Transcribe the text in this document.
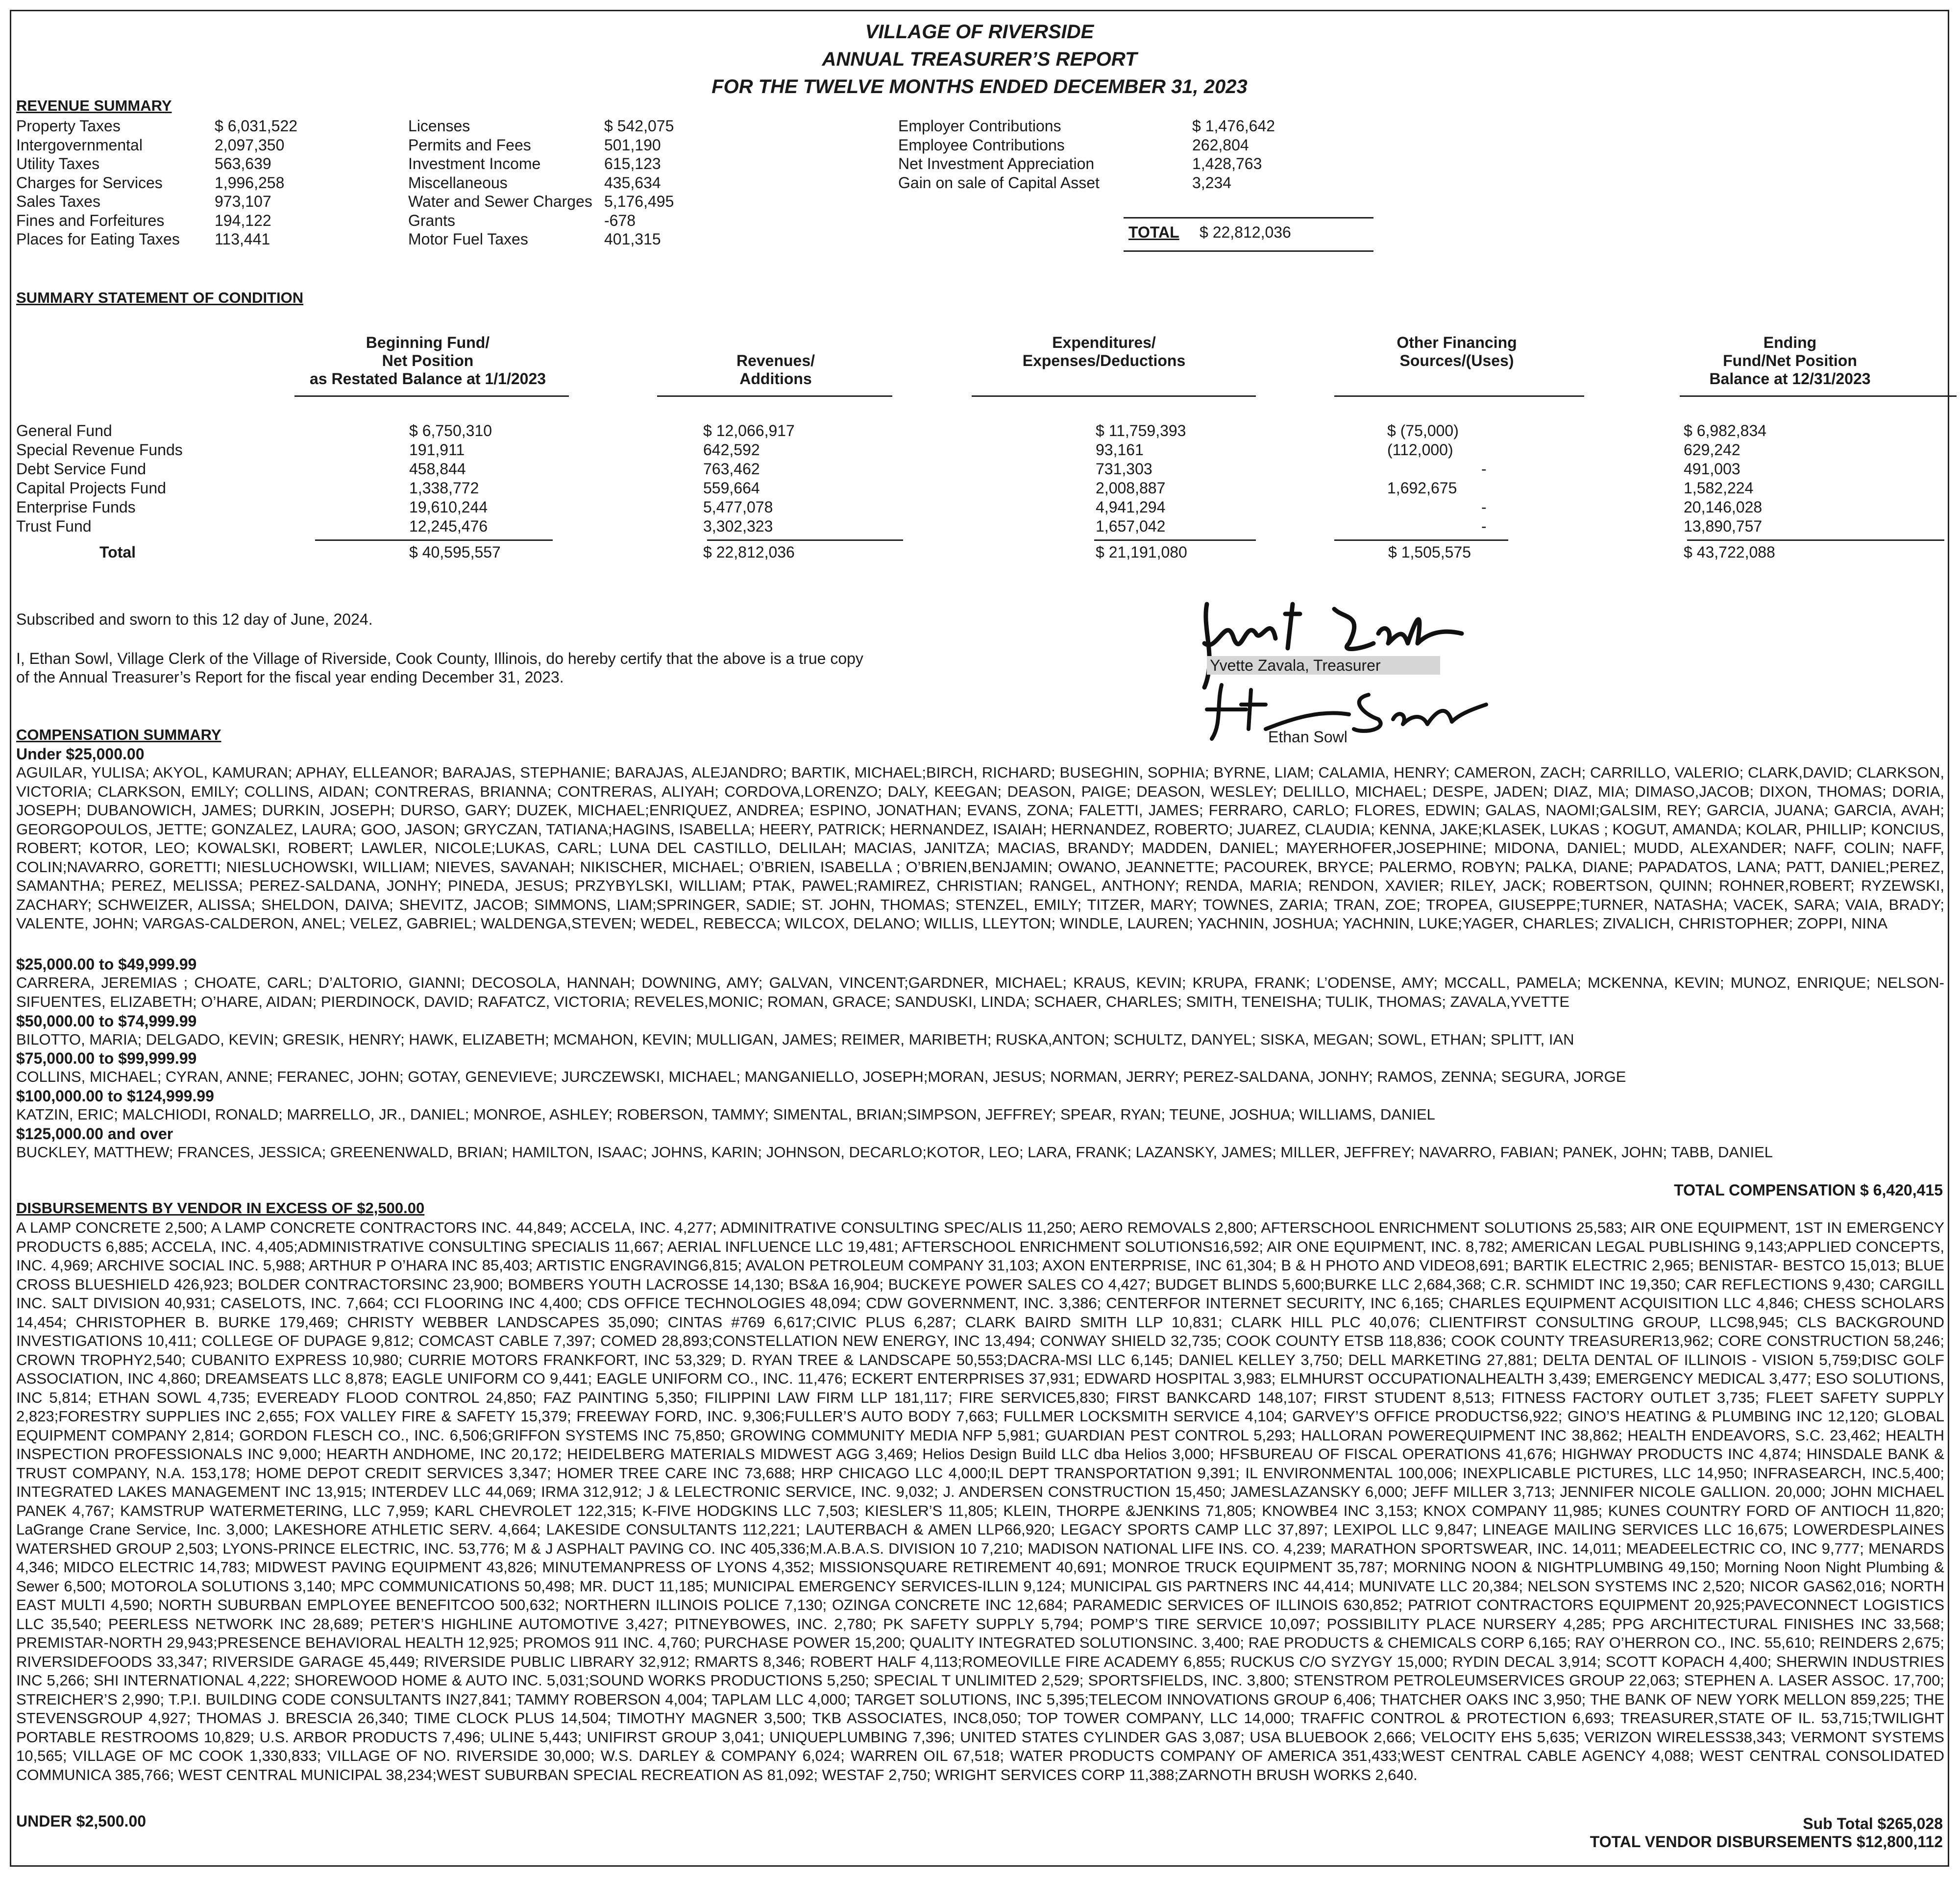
VILLAGE OF RIVERSIDE
ANNUAL TREASURER’S REPORT
FOR THE TWELVE MONTHS ENDED DECEMBER 31, 2023
REVENUE SUMMARY
Property Taxes	$ 6,031,522
Intergovernmental	2,097,350
Utility Taxes	563,639
Charges for Services	1,996,258
Sales Taxes	973,107
Fines and Forfeitures	194,122
Places for Eating Taxes 113,441
Licenses	$ 542,075
Permits and Fees	501,190
Investment Income	615,123
Miscellaneous	435,634
Water and Sewer Charges 5,176,495
Grants	-678
Motor Fuel Taxes	401,315
Employer Contributions	$ 1,476,642
Employee Contributions	262,804
Net Investment Appreciation	1,428,763
Gain on sale of Capital Asset	3,234
TOTAL $ 22,812,036
SUMMARY STATEMENT OF CONDITION
Beginning Fund/
Net Position
as Restated Balance at 1/1/2023
Revenues/
Additions
Expenditures/
Expenses/Deductions
Other Financing
Sources/(Uses)
Ending
Fund/Net Position
Balance at 12/31/2023
General Fund	$ 6,750,310	$ 12,066,917	$ 11,759,393	$ (75,000)	$ 6,982,834
Special Revenue Funds	191,911	642,592	93,161	(112,000)	629,242
Debt Service Fund	458,844	763,462	731,303	-	491,003
Capital Projects Fund	1,338,772	559,664	2,008,887	1,692,675	1,582,224
Enterprise Funds	19,610,244	5,477,078	4,941,294	-	20,146,028
Trust Fund	12,245,476	3,302,323	1,657,042	-	13,890,757
Total	$ 40,595,557	$ 22,812,036	$ 21,191,080	$ 1,505,575	$ 43,722,088
Subscribed and sworn to this 12 day of June, 2024.
I, Ethan Sowl, Village Clerk of the Village of Riverside, Cook County, Illinois, do hereby certify that the above is a true copy
of the Annual Treasurer’s Report for the fiscal year ending December 31, 2023.
Yvette Zavala, Treasurer
Ethan Sowl
COMPENSATION SUMMARY
Under $25,000.00
AGUILAR, YULISA; AKYOL, KAMURAN; APHAY, ELLEANOR; BARAJAS, STEPHANIE; BARAJAS, ALEJANDRO; BARTIK, MICHAEL;BIRCH, RICHARD; BUSEGHIN, SOPHIA; BYRNE, LIAM; CALAMIA, HENRY; CAMERON, ZACH; CARRILLO, VALERIO; CLARK,DAVID; CLARKSON, VICTORIA; CLARKSON, EMILY; COLLINS, AIDAN; CONTRERAS, BRIANNA; CONTRERAS, ALIYAH; CORDOVA,LORENZO; DALY, KEEGAN; DEASON, PAIGE; DEASON, WESLEY; DELILLO, MICHAEL; DESPE, JADEN; DIAZ, MIA; DIMASO,JACOB; DIXON, THOMAS; DORIA, JOSEPH; DUBANOWICH, JAMES; DURKIN, JOSEPH; DURSO, GARY; DUZEK, MICHAEL;ENRIQUEZ, ANDREA; ESPINO, JONATHAN; EVANS, ZONA; FALETTI, JAMES; FERRARO, CARLO; FLORES, EDWIN; GALAS, NAOMI;GALSIM, REY; GARCIA, JUANA; GARCIA, AVAH; GEORGOPOULOS, JETTE; GONZALEZ, LAURA; GOO, JASON; GRYCZAN, TATIANA;HAGINS, ISABELLA; HEERY, PATRICK; HERNANDEZ, ISAIAH; HERNANDEZ, ROBERTO; JUAREZ, CLAUDIA; KENNA, JAKE;KLASEK, LUKAS ; KOGUT, AMANDA; KOLAR, PHILLIP; KONCIUS, ROBERT; KOTOR, LEO; KOWALSKI, ROBERT; LAWLER, NICOLE;LUKAS, CARL; LUNA DEL CASTILLO, DELILAH; MACIAS, JANITZA; MACIAS, BRANDY; MADDEN, DANIEL; MAYERHOFER,JOSEPHINE; MIDONA, DANIEL; MUDD, ALEXANDER; NAFF, COLIN; NAFF, COLIN;NAVARRO, GORETTI; NIESLUCHOWSKI, WILLIAM; NIEVES, SAVANAH; NIKISCHER, MICHAEL; O’BRIEN, ISABELLA ; O’BRIEN,BENJAMIN; OWANO, JEANNETTE; PACOUREK, BRYCE; PALERMO, ROBYN; PALKA, DIANE; PAPADATOS, LANA; PATT, DANIEL;PEREZ, SAMANTHA; PEREZ, MELISSA; PEREZ-SALDANA, JONHY; PINEDA, JESUS; PRZYBYLSKI, WILLIAM; PTAK, PAWEL;RAMIREZ, CHRISTIAN; RANGEL, ANTHONY; RENDA, MARIA; RENDON, XAVIER; RILEY, JACK; ROBERTSON, QUINN; ROHNER,ROBERT; RYZEWSKI, ZACHARY; SCHWEIZER, ALISSA; SHELDON, DAIVA; SHEVITZ, JACOB; SIMMONS, LIAM;SPRINGER, SADIE; ST. JOHN, THOMAS; STENZEL, EMILY; TITZER, MARY; TOWNES, ZARIA; TRAN, ZOE; TROPEA, GIUSEPPE;TURNER, NATASHA; VACEK, SARA; VAIA, BRADY; VALENTE, JOHN; VARGAS-CALDERON, ANEL; VELEZ, GABRIEL; WALDENGA,STEVEN; WEDEL, REBECCA; WILCOX, DELANO; WILLIS, LLEYTON; WINDLE, LAUREN; YACHNIN, JOSHUA; YACHNIN, LUKE;YAGER, CHARLES; ZIVALICH, CHRISTOPHER; ZOPPI, NINA
$25,000.00 to $49,999.99
CARRERA, JEREMIAS ; CHOATE, CARL; D’ALTORIO, GIANNI; DECOSOLA, HANNAH; DOWNING, AMY; GALVAN, VINCENT;GARDNER, MICHAEL; KRAUS, KEVIN; KRUPA, FRANK; L’ODENSE, AMY; MCCALL, PAMELA; MCKENNA, KEVIN; MUNOZ, ENRIQUE; NELSON-SIFUENTES, ELIZABETH; O’HARE, AIDAN; PIERDINOCK, DAVID; RAFATCZ, VICTORIA; REVELES,MONIC; ROMAN, GRACE; SANDUSKI, LINDA; SCHAER, CHARLES; SMITH, TENEISHA; TULIK, THOMAS; ZAVALA,YVETTE
$50,000.00 to $74,999.99
BILOTTO, MARIA; DELGADO, KEVIN; GRESIK, HENRY; HAWK, ELIZABETH; MCMAHON, KEVIN; MULLIGAN, JAMES; REIMER, MARIBETH; RUSKA,ANTON; SCHULTZ, DANYEL; SISKA, MEGAN; SOWL, ETHAN; SPLITT, IAN
$75,000.00 to $99,999.99
COLLINS, MICHAEL; CYRAN, ANNE; FERANEC, JOHN; GOTAY, GENEVIEVE; JURCZEWSKI, MICHAEL; MANGANIELLO, JOSEPH;MORAN, JESUS; NORMAN, JERRY; PEREZ-SALDANA, JONHY; RAMOS, ZENNA; SEGURA, JORGE
$100,000.00 to $124,999.99
KATZIN, ERIC; MALCHIODI, RONALD; MARRELLO, JR., DANIEL; MONROE, ASHLEY; ROBERSON, TAMMY; SIMENTAL, BRIAN;SIMPSON, JEFFREY; SPEAR, RYAN; TEUNE, JOSHUA; WILLIAMS, DANIEL
$125,000.00 and over
BUCKLEY, MATTHEW; FRANCES, JESSICA; GREENENWALD, BRIAN; HAMILTON, ISAAC; JOHNS, KARIN; JOHNSON, DECARLO;KOTOR, LEO; LARA, FRANK; LAZANSKY, JAMES; MILLER, JEFFREY; NAVARRO, FABIAN; PANEK, JOHN; TABB, DANIEL
TOTAL COMPENSATION $ 6,420,415
DISBURSEMENTS BY VENDOR IN EXCESS OF $2,500.00
A LAMP CONCRETE 2,500; A LAMP CONCRETE CONTRACTORS INC. 44,849; ACCELA, INC. 4,277; ADMINITRATIVE CONSULTING SPEC/ALIS 11,250; AERO REMOVALS 2,800; AFTERSCHOOL ENRICHMENT SOLUTIONS 25,583; AIR ONE EQUIPMENT, 1ST IN EMERGENCY PRODUCTS 6,885; ACCELA, INC. 4,405;ADMINISTRATIVE CONSULTING SPECIALIS 11,667; AERIAL INFLUENCE LLC 19,481; AFTERSCHOOL ENRICHMENT SOLUTIONS16,592; AIR ONE EQUIPMENT, INC. 8,782; AMERICAN LEGAL PUBLISHING 9,143;APPLIED CONCEPTS, INC. 4,969; ARCHIVE SOCIAL INC. 5,988; ARTHUR P O’HARA INC 85,403; ARTISTIC ENGRAVING6,815; AVALON PETROLEUM COMPANY 31,103; AXON ENTERPRISE, INC 61,304; B & H PHOTO AND VIDEO8,691; BARTIK ELECTRIC 2,965; BENISTAR- BESTCO 15,013; BLUE CROSS BLUESHIELD 426,923; BOLDER CONTRACTORSINC 23,900; BOMBERS YOUTH LACROSSE 14,130; BS&A 16,904; BUCKEYE POWER SALES CO 4,427; BUDGET BLINDS 5,600;BURKE LLC 2,684,368; C.R. SCHMIDT INC 19,350; CAR REFLECTIONS 9,430; CARGILL INC. SALT DIVISION 40,931; CASELOTS, INC. 7,664; CCI FLOORING INC 4,400; CDS OFFICE TECHNOLOGIES 48,094; CDW GOVERNMENT, INC. 3,386; CENTERFOR INTERNET SECURITY, INC 6,165; CHARLES EQUIPMENT ACQUISITION LLC 4,846; CHESS SCHOLARS 14,454; CHRISTOPHER B. BURKE 179,469; CHRISTY WEBBER LANDSCAPES 35,090; CINTAS #769 6,617;CIVIC PLUS 6,287; CLARK BAIRD SMITH LLP 10,831; CLARK HILL PLC 40,076; CLIENTFIRST CONSULTING GROUP, LLC98,945; CLS BACKGROUND INVESTIGATIONS 10,411; COLLEGE OF DUPAGE 9,812; COMCAST CABLE 7,397; COMED 28,893;CONSTELLATION NEW ENERGY, INC 13,494; CONWAY SHIELD 32,735; COOK COUNTY ETSB 118,836; COOK COUNTY TREASURER13,962; CORE CONSTRUCTION 58,246; CROWN TROPHY2,540; CUBANITO EXPRESS 10,980; CURRIE MOTORS FRANKFORT, INC 53,329; D. RYAN TREE & LANDSCAPE 50,553;DACRA-MSI LLC 6,145; DANIEL KELLEY 3,750; DELL MARKETING 27,881; DELTA DENTAL OF ILLINOIS - VISION 5,759;DISC GOLF ASSOCIATION, INC 4,860; DREAMSEATS LLC 8,878; EAGLE UNIFORM CO 9,441; EAGLE UNIFORM CO., INC. 11,476; ECKERT ENTERPRISES 37,931; EDWARD HOSPITAL 3,983; ELMHURST OCCUPATIONALHEALTH 3,439; EMERGENCY MEDICAL 3,477; ESO SOLUTIONS, INC 5,814; ETHAN SOWL 4,735; EVEREADY FLOOD CONTROL 24,850; FAZ PAINTING 5,350; FILIPPINI LAW FIRM LLP 181,117; FIRE SERVICE5,830; FIRST BANKCARD 148,107; FIRST STUDENT 8,513; FITNESS FACTORY OUTLET 3,735; FLEET SAFETY SUPPLY 2,823;FORESTRY SUPPLIES INC 2,655; FOX VALLEY FIRE & SAFETY 15,379; FREEWAY FORD, INC. 9,306;FULLER’S AUTO BODY 7,663; FULLMER LOCKSMITH SERVICE 4,104; GARVEY’S OFFICE PRODUCTS6,922; GINO’S HEATING & PLUMBING INC 12,120; GLOBAL EQUIPMENT COMPANY 2,814; GORDON FLESCH CO., INC. 6,506;GRIFFON SYSTEMS INC 75,850; GROWING COMMUNITY MEDIA NFP 5,981; GUARDIAN PEST CONTROL 5,293; HALLORAN POWEREQUIPMENT INC 38,862; HEALTH ENDEAVORS, S.C. 23,462; HEALTH INSPECTION PROFESSIONALS INC 9,000; HEARTH ANDHOME, INC 20,172; HEIDELBERG MATERIALS MIDWEST AGG 3,469; Helios Design Build LLC dba Helios 3,000; HFSBUREAU OF FISCAL OPERATIONS 41,676; HIGHWAY PRODUCTS INC 4,874; HINSDALE BANK & TRUST COMPANY, N.A. 153,178; HOME DEPOT CREDIT SERVICES 3,347; HOMER TREE CARE INC 73,688; HRP CHICAGO LLC 4,000;IL DEPT TRANSPORTATION 9,391; IL ENVIRONMENTAL 100,006; INEXPLICABLE PICTURES, LLC 14,950; INFRASEARCH, INC.5,400; INTEGRATED LAKES MANAGEMENT INC 13,915; INTERDEV LLC 44,069; IRMA 312,912; J & LELECTRONIC SERVICE, INC. 9,032; J. ANDERSEN CONSTRUCTION 15,450; JAMESLAZANSKY 6,000; JEFF MILLER 3,713; JENNIFER NICOLE GALLION. 20,000; JOHN MICHAEL PANEK 4,767; KAMSTRUP WATERMETERING, LLC 7,959; KARL CHEVROLET 122,315; K-FIVE HODGKINS LLC 7,503; KIESLER’S 11,805; KLEIN, THORPE &JENKINS 71,805; KNOWBE4 INC 3,153; KNOX COMPANY 11,985; KUNES COUNTRY FORD OF ANTIOCH 11,820; LaGrange Crane Service, Inc. 3,000; LAKESHORE ATHLETIC SERV. 4,664; LAKESIDE CONSULTANTS 112,221; LAUTERBACH & AMEN LLP66,920; LEGACY SPORTS CAMP LLC 37,897; LEXIPOL LLC 9,847; LINEAGE MAILING SERVICES LLC 16,675; LOWERDESPLAINES WATERSHED GROUP 2,503; LYONS-PRINCE ELECTRIC, INC. 53,776; M & J ASPHALT PAVING CO. INC 405,336;M.A.B.A.S. DIVISION 10 7,210; MADISON NATIONAL LIFE INS. CO. 4,239; MARATHON SPORTSWEAR, INC. 14,011; MEADEELECTRIC CO, INC 9,777; MENARDS 4,346; MIDCO ELECTRIC 14,783; MIDWEST PAVING EQUIPMENT 43,826; MINUTEMANPRESS OF LYONS 4,352; MISSIONSQUARE RETIREMENT 40,691; MONROE TRUCK EQUIPMENT 35,787; MORNING NOON & NIGHTPLUMBING 49,150; Morning Noon Night Plumbing & Sewer 6,500; MOTOROLA SOLUTIONS 3,140; MPC COMMUNICATIONS 50,498; MR. DUCT 11,185; MUNICIPAL EMERGENCY SERVICES-ILLIN 9,124; MUNICIPAL GIS PARTNERS INC 44,414; MUNIVATE LLC 20,384; NELSON SYSTEMS INC 2,520; NICOR GAS62,016; NORTH EAST MULTI 4,590; NORTH SUBURBAN EMPLOYEE BENEFITCOO 500,632; NORTHERN ILLINOIS POLICE 7,130; OZINGA CONCRETE INC 12,684; PARAMEDIC SERVICES OF ILLINOIS 630,852; PATRIOT CONTRACTORS EQUIPMENT 20,925;PAVECONNECT LOGISTICS LLC 35,540; PEERLESS NETWORK INC 28,689; PETER’S HIGHLINE AUTOMOTIVE 3,427; PITNEYBOWES, INC. 2,780; PK SAFETY SUPPLY 5,794; POMP’S TIRE SERVICE 10,097; POSSIBILITY PLACE NURSERY 4,285; PPG ARCHITECTURAL FINISHES INC 33,568; PREMISTAR-NORTH 29,943;PRESENCE BEHAVIORAL HEALTH 12,925; PROMOS 911 INC. 4,760; PURCHASE POWER 15,200; QUALITY INTEGRATED SOLUTIONSINC. 3,400; RAE PRODUCTS & CHEMICALS CORP 6,165; RAY O’HERRON CO., INC. 55,610; REINDERS 2,675; RIVERSIDEFOODS 33,347; RIVERSIDE GARAGE 45,449; RIVERSIDE PUBLIC LIBRARY 32,912; RMARTS 8,346; ROBERT HALF 4,113;ROMEOVILLE FIRE ACADEMY 6,855; RUCKUS C/O SYZYGY 15,000; RYDIN DECAL 3,914; SCOTT KOPACH 4,400; SHERWIN INDUSTRIES INC 5,266; SHI INTERNATIONAL 4,222; SHOREWOOD HOME & AUTO INC. 5,031;SOUND WORKS PRODUCTIONS 5,250; SPECIAL T UNLIMITED 2,529; SPORTSFIELDS, INC. 3,800; STENSTROM PETROLEUMSERVICES GROUP 22,063; STEPHEN A. LASER ASSOC. 17,700; STREICHER’S 2,990; T.P.I. BUILDING CODE CONSULTANTS IN27,841; TAMMY ROBERSON 4,004; TAPLAM LLC 4,000; TARGET SOLUTIONS, INC 5,395;TELECOM INNOVATIONS GROUP 6,406; THATCHER OAKS INC 3,950; THE BANK OF NEW YORK MELLON 859,225; THE STEVENSGROUP 4,927; THOMAS J. BRESCIA 26,340; TIME CLOCK PLUS 14,504; TIMOTHY MAGNER 3,500; TKB ASSOCIATES, INC8,050; TOP TOWER COMPANY, LLC 14,000; TRAFFIC CONTROL & PROTECTION 6,693; TREASURER,STATE OF IL. 53,715;TWILIGHT PORTABLE RESTROOMS 10,829; U.S. ARBOR PRODUCTS 7,496; ULINE 5,443; UNIFIRST GROUP 3,041; UNIQUEPLUMBING 7,396; UNITED STATES CYLINDER GAS 3,087; USA BLUEBOOK 2,666; VELOCITY EHS 5,635; VERIZON WIRELESS38,343; VERMONT SYSTEMS 10,565; VILLAGE OF MC COOK 1,330,833; VILLAGE OF NO. RIVERSIDE 30,000; W.S. DARLEY & COMPANY 6,024; WARREN OIL 67,518; WATER PRODUCTS COMPANY OF AMERICA 351,433;WEST CENTRAL CABLE AGENCY 4,088; WEST CENTRAL CONSOLIDATED COMMUNICA 385,766; WEST CENTRAL MUNICIPAL 38,234;WEST SUBURBAN SPECIAL RECREATION AS 81,092; WESTAF 2,750; WRIGHT SERVICES CORP 11,388;ZARNOTH BRUSH WORKS 2,640.
UNDER $2,500.00	Sub Total $265,028
TOTAL VENDOR DISBURSEMENTS $12,800,112
